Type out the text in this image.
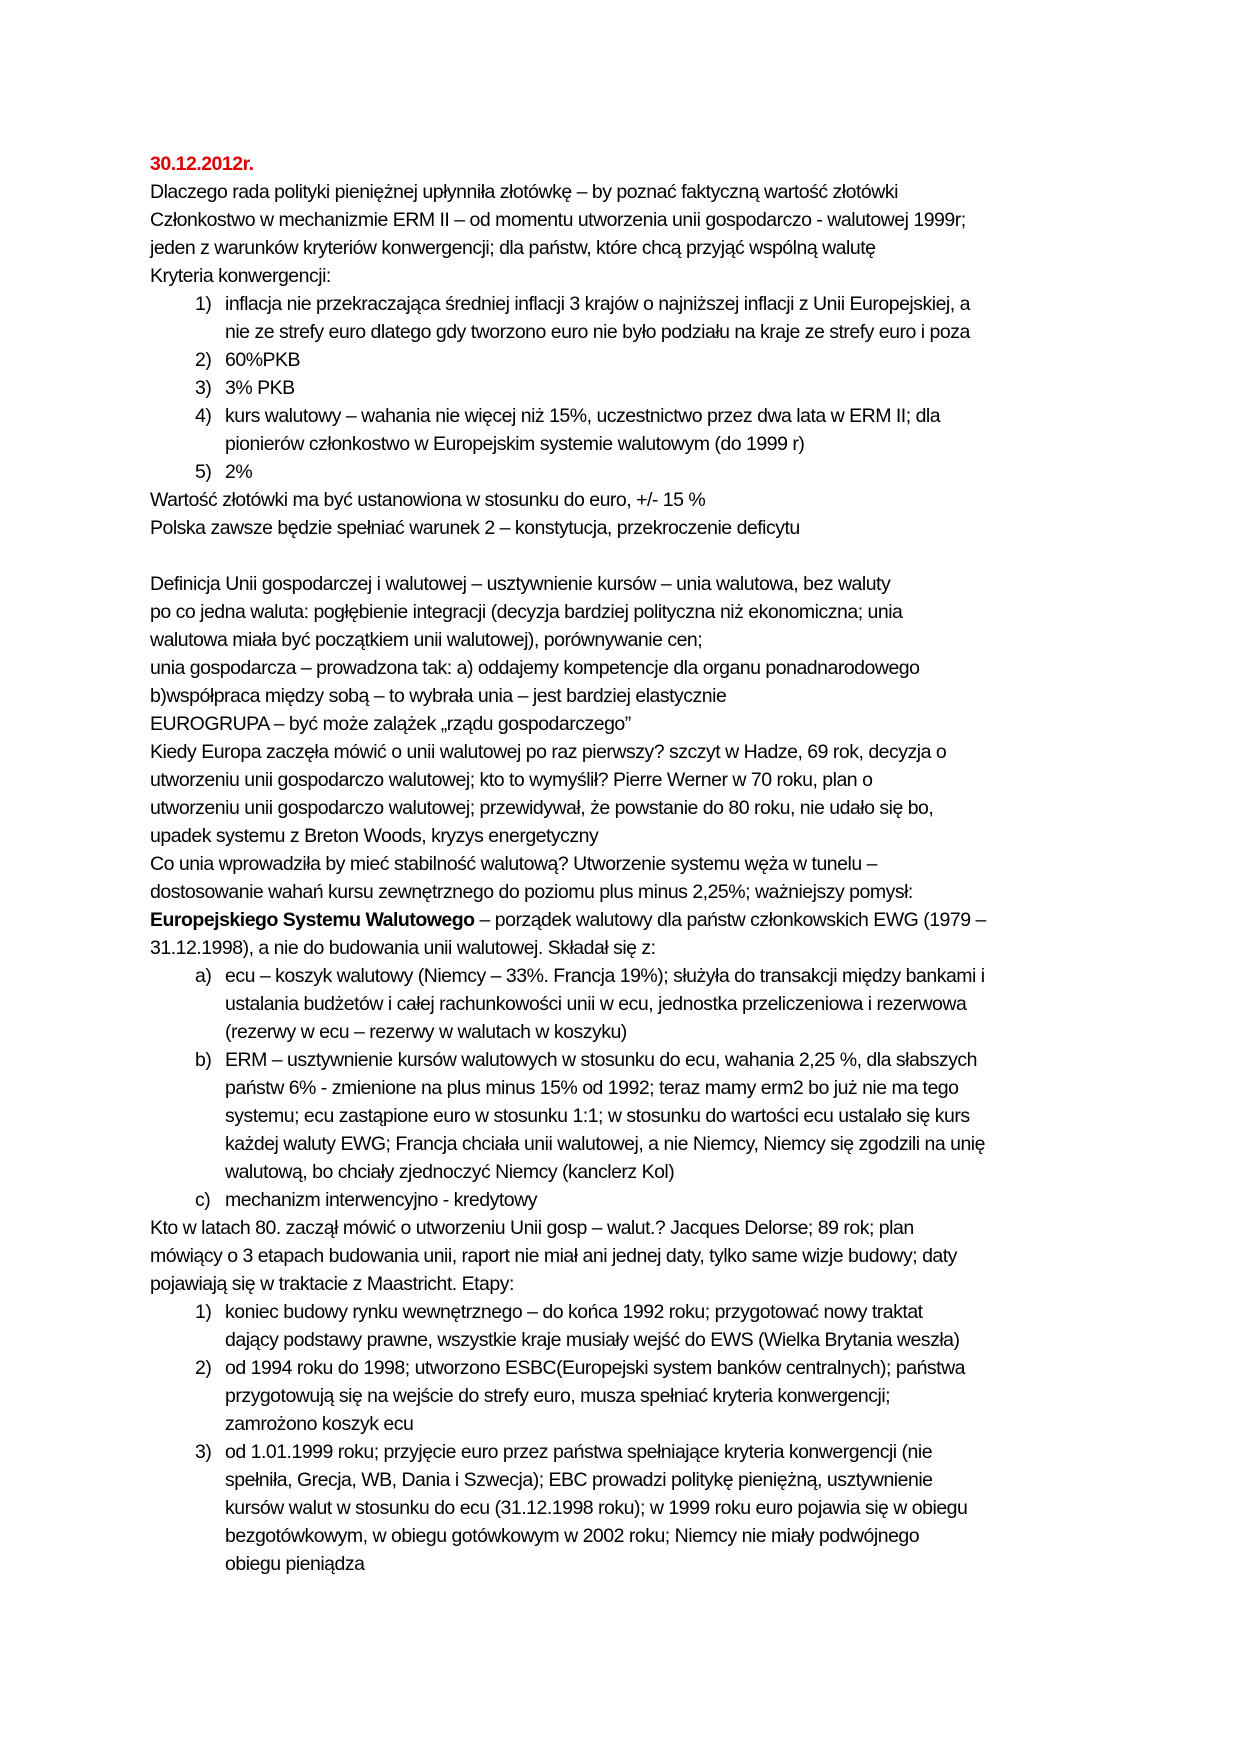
30.12.2012r.
Dlaczego rada polityki pieniężnej upłynniła złotówkę – by poznać faktyczną wartość złotówki
Członkostwo w mechanizmie ERM II – od momentu utworzenia unii gospodarczo - walutowej 1999r;
jeden z warunków kryteriów konwergencji; dla państw, które chcą przyjąć wspólną walutę
Kryteria konwergencji:
1) inflacja nie przekraczająca średniej inflacji 3 krajów o najniższej inflacji z Unii Europejskiej, a
nie ze strefy euro dlatego gdy tworzono euro nie było podziału na kraje ze strefy euro i poza
2) 60%PKB
3) 3% PKB
4) kurs walutowy – wahania nie więcej niż 15%, uczestnictwo przez dwa lata w ERM II; dla
pionierów członkostwo w Europejskim systemie walutowym (do 1999 r)
5) 2%
Wartość złotówki ma być ustanowiona w stosunku do euro, +/- 15 %
Polska zawsze będzie spełniać warunek 2 – konstytucja, przekroczenie deficytu
Definicja Unii gospodarczej i walutowej – usztywnienie kursów – unia walutowa, bez waluty
po co jedna waluta: pogłębienie integracji (decyzja bardziej polityczna niż ekonomiczna; unia
walutowa miała być początkiem unii walutowej), porównywanie cen;
unia gospodarcza – prowadzona tak: a) oddajemy kompetencje dla organu ponadnarodowego
b)współpraca między sobą – to wybrała unia – jest bardziej elastycznie
EUROGRUPA – być może zalążek „rządu gospodarczego”
Kiedy Europa zaczęła mówić o unii walutowej po raz pierwszy? szczyt w Hadze, 69 rok, decyzja o
utworzeniu unii gospodarczo walutowej; kto to wymyślił? Pierre Werner w 70 roku, plan o
utworzeniu unii gospodarczo walutowej; przewidywał, że powstanie do 80 roku, nie udało się bo,
upadek systemu z Breton Woods, kryzys energetyczny
Co unia wprowadziła by mieć stabilność walutową? Utworzenie systemu węża w tunelu –
dostosowanie wahań kursu zewnętrznego do poziomu plus minus 2,25%; ważniejszy pomysł:
Europejskiego Systemu Walutowego – porządek walutowy dla państw członkowskich EWG (1979 –
31.12.1998), a nie do budowania unii walutowej. Składał się z:
a) ecu – koszyk walutowy (Niemcy – 33%. Francja 19%); służyła do transakcji między bankami i
ustalania budżetów i całej rachunkowości unii w ecu, jednostka przeliczeniowa i rezerwowa
(rezerwy w ecu – rezerwy w walutach w koszyku)
b) ERM – usztywnienie kursów walutowych w stosunku do ecu, wahania 2,25 %, dla słabszych
państw 6% - zmienione na plus minus 15% od 1992; teraz mamy erm2 bo już nie ma tego
systemu; ecu zastąpione euro w stosunku 1:1; w stosunku do wartości ecu ustalało się kurs
każdej waluty EWG; Francja chciała unii walutowej, a nie Niemcy, Niemcy się zgodzili na unię
walutową, bo chciały zjednoczyć Niemcy (kanclerz Kol)
c) mechanizm interwencyjno - kredytowy
Kto w latach 80. zaczął mówić o utworzeniu Unii gosp – walut.? Jacques Delorse; 89 rok; plan
mówiący o 3 etapach budowania unii, raport nie miał ani jednej daty, tylko same wizje budowy; daty
pojawiają się w traktacie z Maastricht. Etapy:
1) koniec budowy rynku wewnętrznego – do końca 1992 roku; przygotować nowy traktat
dający podstawy prawne, wszystkie kraje musiały wejść do EWS (Wielka Brytania weszła)
2) od 1994 roku do 1998; utworzono ESBC(Europejski system banków centralnych); państwa
przygotowują się na wejście do strefy euro, musza spełniać kryteria konwergencji;
zamrożono koszyk ecu
3) od 1.01.1999 roku; przyjęcie euro przez państwa spełniające kryteria konwergencji (nie
spełniła, Grecja, WB, Dania i Szwecja); EBC prowadzi politykę pieniężną, usztywnienie
kursów walut w stosunku do ecu (31.12.1998 roku); w 1999 roku euro pojawia się w obiegu
bezgotówkowym, w obiegu gotówkowym w 2002 roku; Niemcy nie miały podwójnego
obiegu pieniądza
